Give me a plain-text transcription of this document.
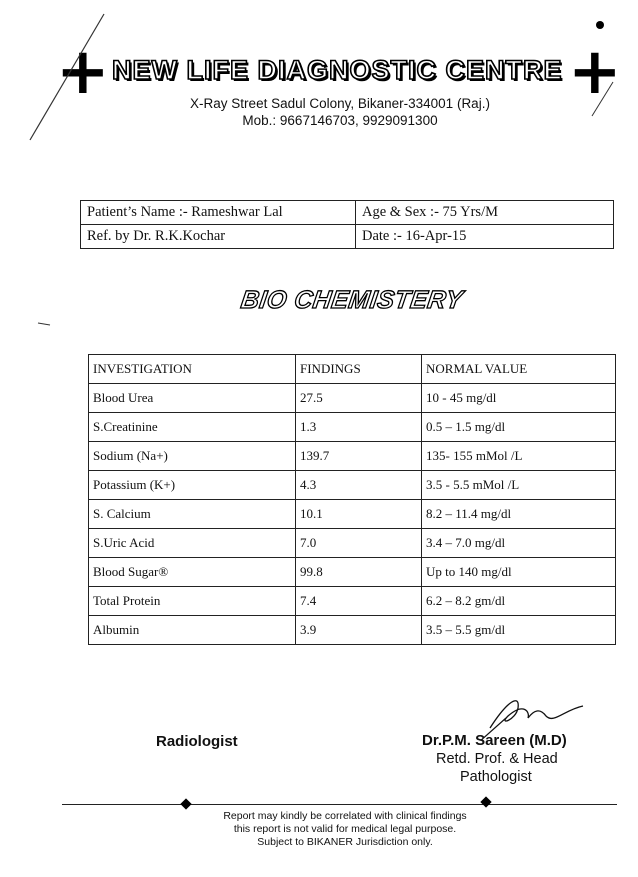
+	+
NEW LIFE DIAGNOSTIC CENTRE
X-Ray Street Sadul Colony, Bikaner-334001 (Raj.)
Mob.: 9667146703, 9929091300
Patient’s Name :- Rameshwar Lal	Age & Sex :- 75 Yrs/M
Ref. by Dr. R.K.Kochar	Date :- 16-Apr-15
BIO CHEMISTERY
INVESTIGATION	FINDINGS	NORMAL VALUE
Blood Urea	27.5	10 - 45 mg/dl
S.Creatinine	1.3	0.5 – 1.5 mg/dl
Sodium (Na+)	139.7	135- 155 mMol /L
Potassium (K+)	4.3	3.5 - 5.5 mMol /L
S. Calcium	10.1	8.2 – 11.4 mg/dl
S.Uric Acid	7.0	3.4 – 7.0 mg/dl
Blood Sugar®	99.8	Up to 140 mg/dl
Total Protein	7.4	6.2 – 8.2 gm/dl
Albumin	3.9	3.5 – 5.5 gm/dl
Radiologist	Dr.P.M. Sareen (M.D)
Retd. Prof. & Head
Pathologist
Report may kindly be correlated with clinical findings
this report is not valid for medical legal purpose.
Subject to BIKANER Jurisdiction only.
